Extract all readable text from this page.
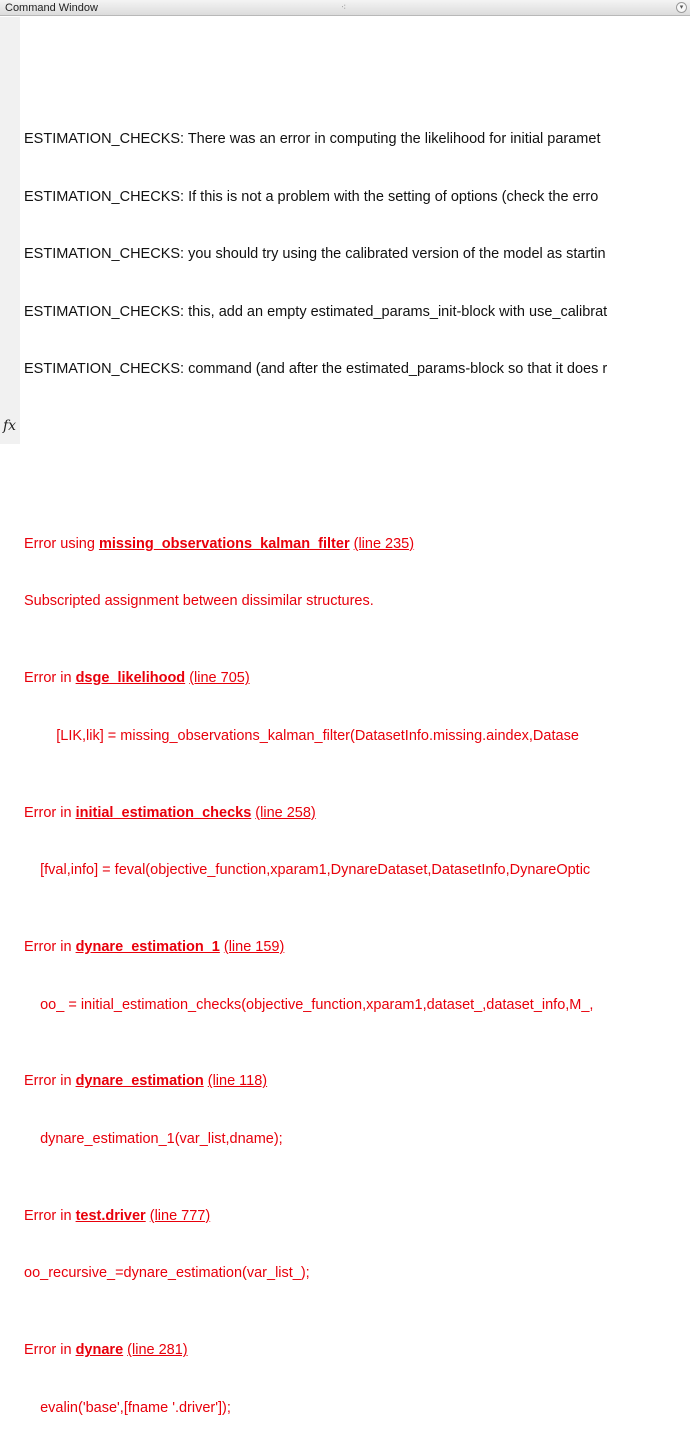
Command Window	⁖	▾

ESTIMATION_CHECKS: There was an error in computing the likelihood for initial paramet

ESTIMATION_CHECKS: If this is not a problem with the setting of options (check the erro

ESTIMATION_CHECKS: you should try using the calibrated version of the model as startin

ESTIMATION_CHECKS: this, add an empty estimated_params_init-block with use_calibrat

ESTIMATION_CHECKS: command (and after the estimated_params-block so that it does r

Error using missing_observations_kalman_filter (line 235)

Subscripted assignment between dissimilar structures.

Error in dsge_likelihood (line 705)

[LIK,lik] = missing_observations_kalman_filter(DatasetInfo.missing.aindex,Datase

Error in initial_estimation_checks (line 258)

[fval,info] = feval(objective_function,xparam1,DynareDataset,DatasetInfo,DynareOptic

Error in dynare_estimation_1 (line 159)

oo_ = initial_estimation_checks(objective_function,xparam1,dataset_,dataset_info,M_,

Error in dynare_estimation (line 118)

dynare_estimation_1(var_list,dname);

Error in test.driver (line 777)

oo_recursive_=dynare_estimation(var_list_);

Error in dynare (line 281)

evalin('base',[fname '.driver']);

fx
